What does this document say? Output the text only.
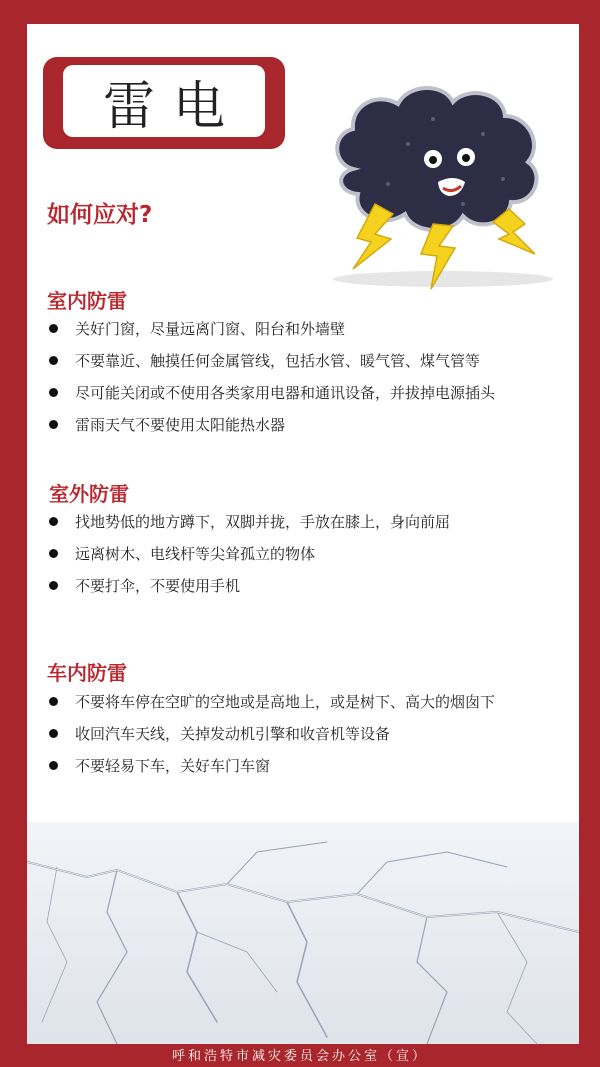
雷电
如何应对?
室内防雷
关好门窗，尽量远离门窗、阳台和外墙壁
不要靠近、触摸任何金属管线，包括水管、暖气管、煤气管等
尽可能关闭或不使用各类家用电器和通讯设备，并拔掉电源插头
雷雨天气不要使用太阳能热水器
室外防雷
找地势低的地方蹲下，双脚并拢，手放在膝上，身向前屈
远离树木、电线杆等尖耸孤立的物体
不要打伞，不要使用手机
车内防雷
不要将车停在空旷的空地或是高地上，或是树下、高大的烟囱下
收回汽车天线，关掉发动机引擎和收音机等设备
不要轻易下车，关好车门车窗
呼和浩特市减灾委员会办公室（宣）
